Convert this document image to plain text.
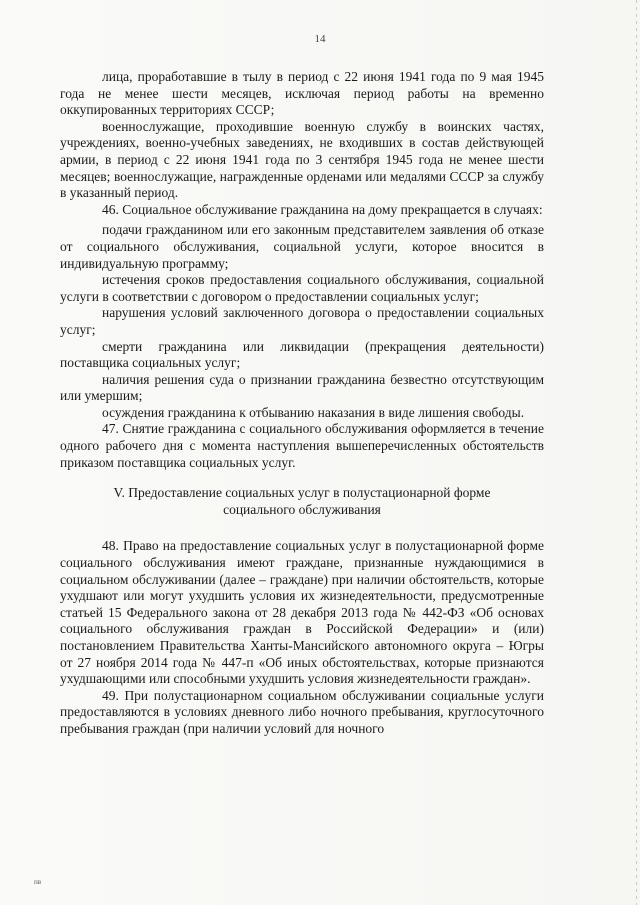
14

лица, проработавшие в тылу в период с 22 июня 1941 года по 9 мая 1945 года не менее шести месяцев, исключая период работы на временно оккупированных территориях СССР;

военнослужащие, проходившие военную службу в воинских частях, учреждениях, военно-учебных заведениях, не входивших в состав действующей армии, в период с 22 июня 1941 года по 3 сентября 1945 года не менее шести месяцев; военнослужащие, награжденные орденами или медалями СССР за службу в указанный период.

46. Социальное обслуживание гражданина на дому прекращается в случаях:

подачи гражданином или его законным представителем заявления об отказе от социального обслуживания, социальной услуги, которое вносится в индивидуальную программу;

истечения сроков предоставления социального обслуживания, социальной услуги в соответствии с договором о предоставлении социальных услуг;

нарушения условий заключенного договора о предоставлении социальных услуг;

смерти гражданина или ликвидации (прекращения деятельности) поставщика социальных услуг;

наличия решения суда о признании гражданина безвестно отсутствующим или умершим;

осуждения гражданина к отбыванию наказания в виде лишения свободы.

47. Снятие гражданина с социального обслуживания оформляется в течение одного рабочего дня с момента наступления вышеперечисленных обстоятельств приказом поставщика социальных услуг.

V. Предоставление социальных услуг в полустационарной форме
социального обслуживания

48. Право на предоставление социальных услуг в полустационарной форме социального обслуживания имеют граждане, признанные нуждающимися в социальном обслуживании (далее – граждане) при наличии обстоятельств, которые ухудшают или могут ухудшить условия их жизнедеятельности, предусмотренные статьей 15 Федерального закона от 28 декабря 2013 года № 442-ФЗ «Об основах социального обслуживания граждан в Российской Федерации» и (или) постановлением Правительства Ханты-Мансийского автономного округа – Югры от 27 ноября 2014 года № 447-п «Об иных обстоятельствах, которые признаются ухудшающими или способными ухудшить условия жизнедеятельности граждан».

49. При полустационарном социальном обслуживании социальные услуги предоставляются в условиях дневного либо ночного пребывания, круглосуточного пребывания граждан (при наличии условий для ночного

пв
